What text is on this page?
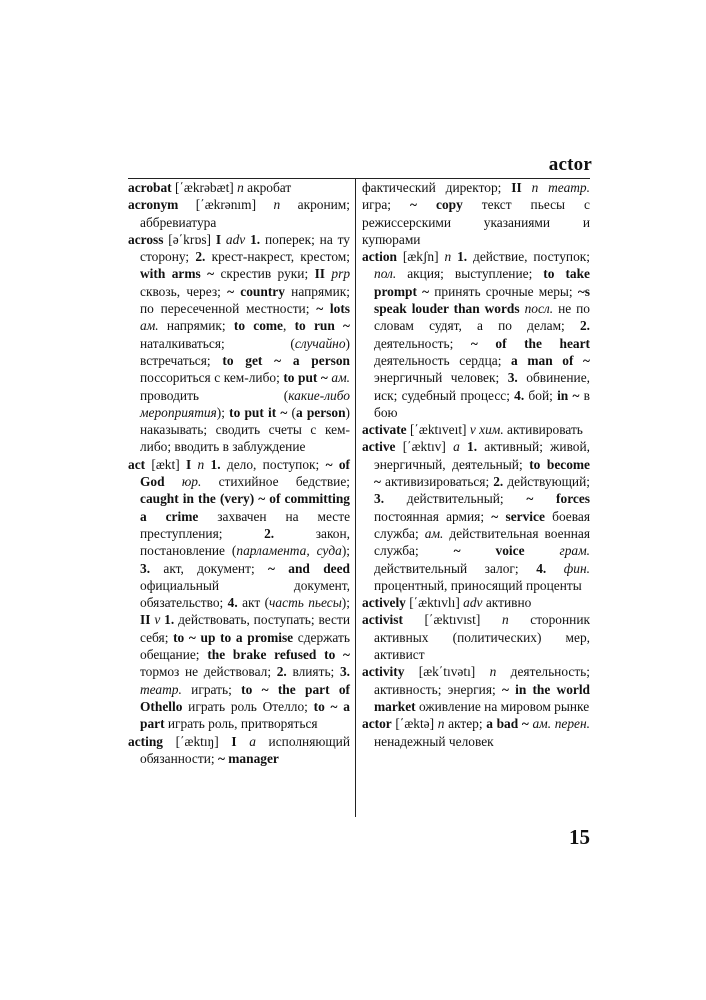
actor

acrobat [΄ækrəbæt] n акробат

acronym [΄ækrənım] n акроним; аббревиатура

across [ə΄krɒs] I adv 1. поперек; на ту сторону; 2. крест-накрест, крестом; with arms ~ скрестив руки; II prp сквозь, через; ~ country напрямик; по пересеченной местности; ~ lots ам. напрямик; to come, to run ~ наталкиваться; (случайно) встречаться; to get ~ a person поссориться с кем-либо; to put ~ ам. проводить (какие-либо мероприятия); to put it ~ (a person) наказывать; сводить счеты с кем-либо; вводить в заблуждение

act [ækt] I n 1. дело, поступок; ~ of God юр. стихийное бедствие; caught in the (very) ~ of committing a crime захвачен на месте преступления; 2. закон, постановление (парламента, суда); 3. акт, документ; ~ and deed официальный документ, обязательство; 4. акт (часть пьесы); II v 1. действовать, поступать; вести себя; to ~ up to a promise сдержать обещание; the brake refused to ~ тормоз не действовал; 2. влиять; 3. театр. играть; to ~ the part of Othello играть роль Отелло; to ~ a part играть роль, притворяться

acting [΄æktıŋ] I a исполняющий обязанности; ~ manager

фактический директор; II n театр. игра; ~ copy текст пьесы с режиссерскими указаниями и купюрами

action [ækʃn] n 1. действие, поступок; пол. акция; выступление; to take prompt ~ принять срочные меры; ~s speak louder than words посл. не по словам судят, а по делам; 2. деятельность; ~ of the heart деятельность сердца; a man of ~ энергичный человек; 3. обвинение, иск; судебный процесс; 4. бой; in ~ в бою

activate [΄æktıveıt] v хим. активировать

active [΄æktıv] a 1. активный; живой, энергичный, деятельный; to become ~ активизироваться; 2. действующий; 3. действительный; ~ forces постоянная армия; ~ service боевая служба; ам. действительная военная служба; ~ voice	грам. действительный залог; 4. фин. процентный, приносящий проценты

actively [΄æktıvlı] adv активно

activist [΄æktıvıst] n сторонник активных (политических) мер, активист

activity [æk΄tıvətı] n деятельность; активность; энергия; ~ in the world market оживление на мировом рынке

actor [΄æktə] n актер; a bad ~ ам. перен. ненадежный человек

15
